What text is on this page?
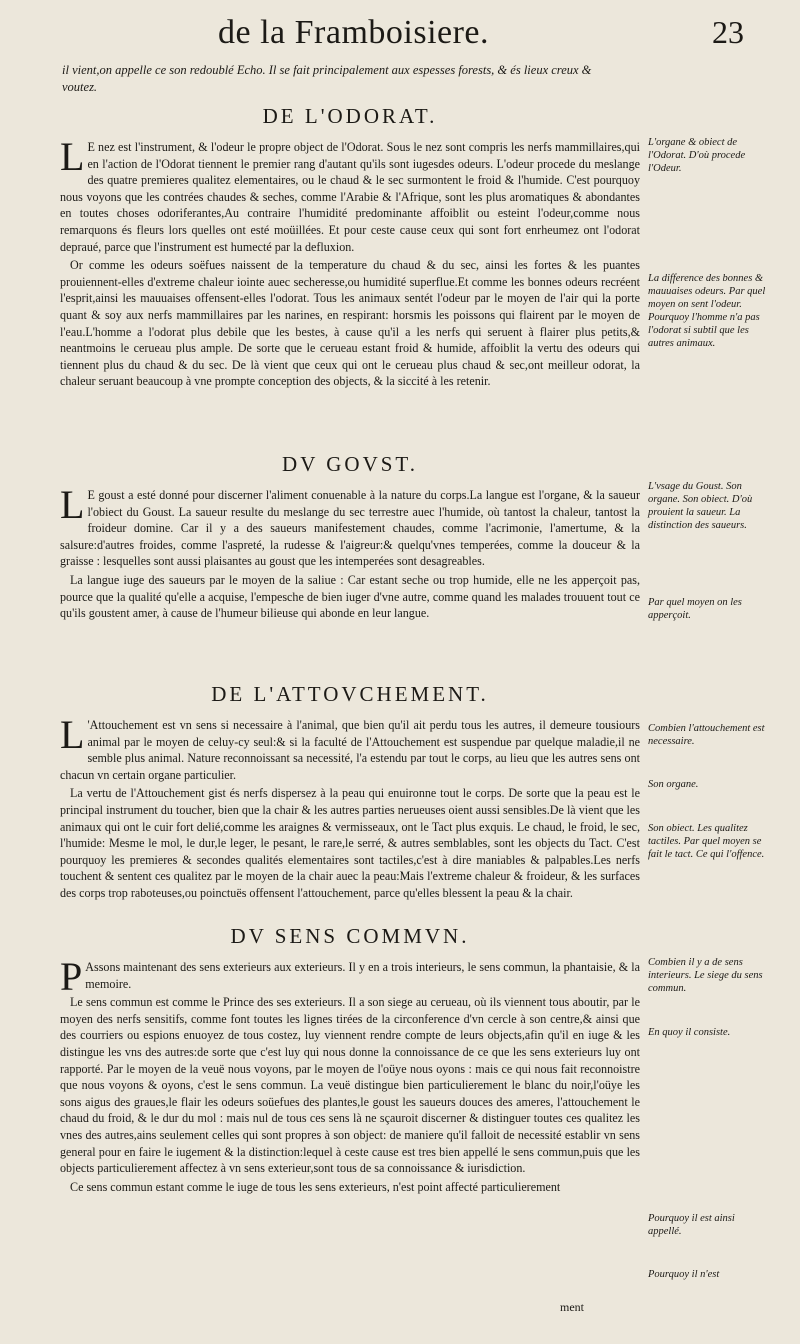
de la Framboisiere.	23
il vient,on appelle ce son redoublé Echo. Il se fait principalement aux espesses forests, & és lieux creux & voutez.
DE L'ODORAT.

L E nez est l'instrument, & l'odeur le propre object de l'Odorat. Sous le nez sont compris les nerfs mammillaires,qui en l'action de l'Odorat tiennent le premier rang d'autant qu'ils sont iugesdes odeurs. L'odeur procede du meslange des quatre premieres qualitez elementaires, ou le chaud & le sec surmontent le froid & l'humide. C'est pourquoy nous voyons que les contrées chaudes & seches, comme l'Arabie & l'Afrique, sont les plus aromatiques & abondantes en toutes choses odoriferantes,Au contraire l'humidité predominante affoiblit ou esteint l'odeur,comme nous remarquons és fleurs lors quelles ont esté moüillées. Et pour ceste cause ceux qui sont fort enrheumez ont l'odorat depraué, parce que l'instrument est humecté par la defluxion.

Or comme les odeurs soëfues naissent de la temperature du chaud & du sec, ainsi les fortes & les puantes prouiennent-elles d'extreme chaleur iointe auec secheresse,ou humidité superflue.Et comme les bonnes odeurs recréent l'esprit,ainsi les mauuaises offensent-elles l'odorat. Tous les animaux sentét l'odeur par le moyen de l'air qui la porte quant & soy aux nerfs mammillaires par les narines, en respirant: horsmis les poissons qui flairent par le moyen de l'eau.L'homme a l'odorat plus debile que les bestes, à cause qu'il a les nerfs qui seruent à flairer plus petits,& neantmoins le cerueau plus ample. De sorte que le cerueau estant froid & humide, affoiblit la vertu des odeurs qui tiennent plus du chaud & du sec. De là vient que ceux qui ont le cerueau plus chaud & sec,ont meilleur odorat, la chaleur seruant beaucoup à vne prompte conception des objects, & la siccité à les retenir.

DV GOVST.

L E goust a esté donné pour discerner l'aliment conuenable à la nature du corps.La langue est l'organe, & la saueur l'obiect du Goust. La saueur resulte du meslange du sec terrestre auec l'humide, où tantost la chaleur, tantost la froideur domine. Car il y a des saueurs manifestement chaudes, comme l'acrimonie, l'amertume, & la salsure:d'autres froides, comme l'aspreté, la rudesse & l'aigreur:& quelqu'vnes temperées, comme la douceur & la graisse : lesquelles sont aussi plaisantes au goust que les intemperées sont desagreables.

La langue iuge des saueurs par le moyen de la saliue : Car estant seche ou trop humide, elle ne les apperçoit pas, pource que la qualité qu'elle a acquise, l'empesche de bien iuger d'vne autre, comme quand les malades trouuent tout ce qu'ils goustent amer, à cause de l'humeur bilieuse qui abonde en leur langue.

DE L'ATTOVCHEMENT.

L 'Attouchement est vn sens si necessaire à l'animal, que bien qu'il ait perdu tous les autres, il demeure tousiours animal par le moyen de celuy-cy seul:& si la faculté de l'Attouchement est suspendue par quelque maladie,il ne semble plus animal. Nature reconnoissant sa necessité, l'a estendu par tout le corps, au lieu que les autres sens ont chacun vn certain organe particulier.

La vertu de l'Attouchement gist és nerfs dispersez à la peau qui enuironne tout le corps. De sorte que la peau est le principal instrument du toucher, bien que la chair & les autres parties nerueuses oient aussi sensibles.De là vient que les animaux qui ont le cuir fort delié,comme les araignes & vermisseaux, ont le Tact plus exquis. Le chaud, le froid, le sec, l'humide: Mesme le mol, le dur,le leger, le pesant, le rare,le serré, & autres semblables, sont les objects du Tact. C'est pourquoy les premieres & secondes qualités elementaires sont tactiles,c'est à dire maniables & palpables.Les nerfs touchent & sentent ces qualitez par le moyen de la chair auec la peau:Mais l'extreme chaleur & froideur, & les surfaces des corps trop raboteuses,ou poinctuës offensent l'attouchement, parce qu'elles blessent la peau & la chair.

DV SENS COMMVN.

P Assons maintenant des sens exterieurs aux exterieurs. Il y en a trois interieurs, le sens commun, la phantaisie, & la memoire.

Le sens commun est comme le Prince des ses exterieurs. Il a son siege au cerueau, où ils viennent tous aboutir, par le moyen des nerfs sensitifs, comme font toutes les lignes tirées de la circonference d'vn cercle à son centre,& ainsi que des courriers ou espions enuoyez de tous costez, luy viennent rendre compte de leurs objects,afin qu'il en iuge & les distingue les vns des autres:de sorte que c'est luy qui nous donne la connoissance de ce que les sens exterieurs luy ont rapporté. Par le moyen de la veuë nous voyons, par le moyen de l'oüye nous oyons : mais ce qui nous fait reconnoistre que nous voyons & oyons, c'est le sens commun. La veuë distingue bien particulierement le blanc du noir,l'oüye les sons aigus des graues,le flair les odeurs soüefues des plantes,le goust les saueurs douces des ameres, l'attouchement le chaud du froid, & le dur du mol : mais nul de tous ces sens là ne sçauroit discerner & distinguer toutes ces qualitez les vnes des autres,ains seulement celles qui sont propres à son object: de maniere qu'il falloit de necessité establir vn sens general pour en faire le iugement & la distinction:lequel à ceste cause est tres bien appellé le sens commun,puis que les objects particulierement affectez à vn sens exterieur,sont tous de sa connoissance & iurisdiction.

Ce sens commun estant comme le iuge de tous les sens exterieurs, n'est point affecté particulierement

L'organe & obiect de l'Odorat. D'où procede l'Odeur.
La difference des bonnes & mauuaises odeurs. Par quel moyen on sent l'odeur. Pourquoy l'homme n'a pas l'odorat si subtil que les autres animaux.
L'vsage du Goust. Son organe. Son obiect. D'où prouient la saueur. La distinction des saueurs.
Par quel moyen on les apperçoit.
Combien l'attouchement est necessaire.
Son organe.
Son obiect. Les qualitez tactiles. Par quel moyen se fait le tact. Ce qui l'offence.
Combien il y a de sens interieurs. Le siege du sens commun.
En quoy il consiste.
Pourquoy il est ainsi appellé.
Pourquoy il n'est
ment
